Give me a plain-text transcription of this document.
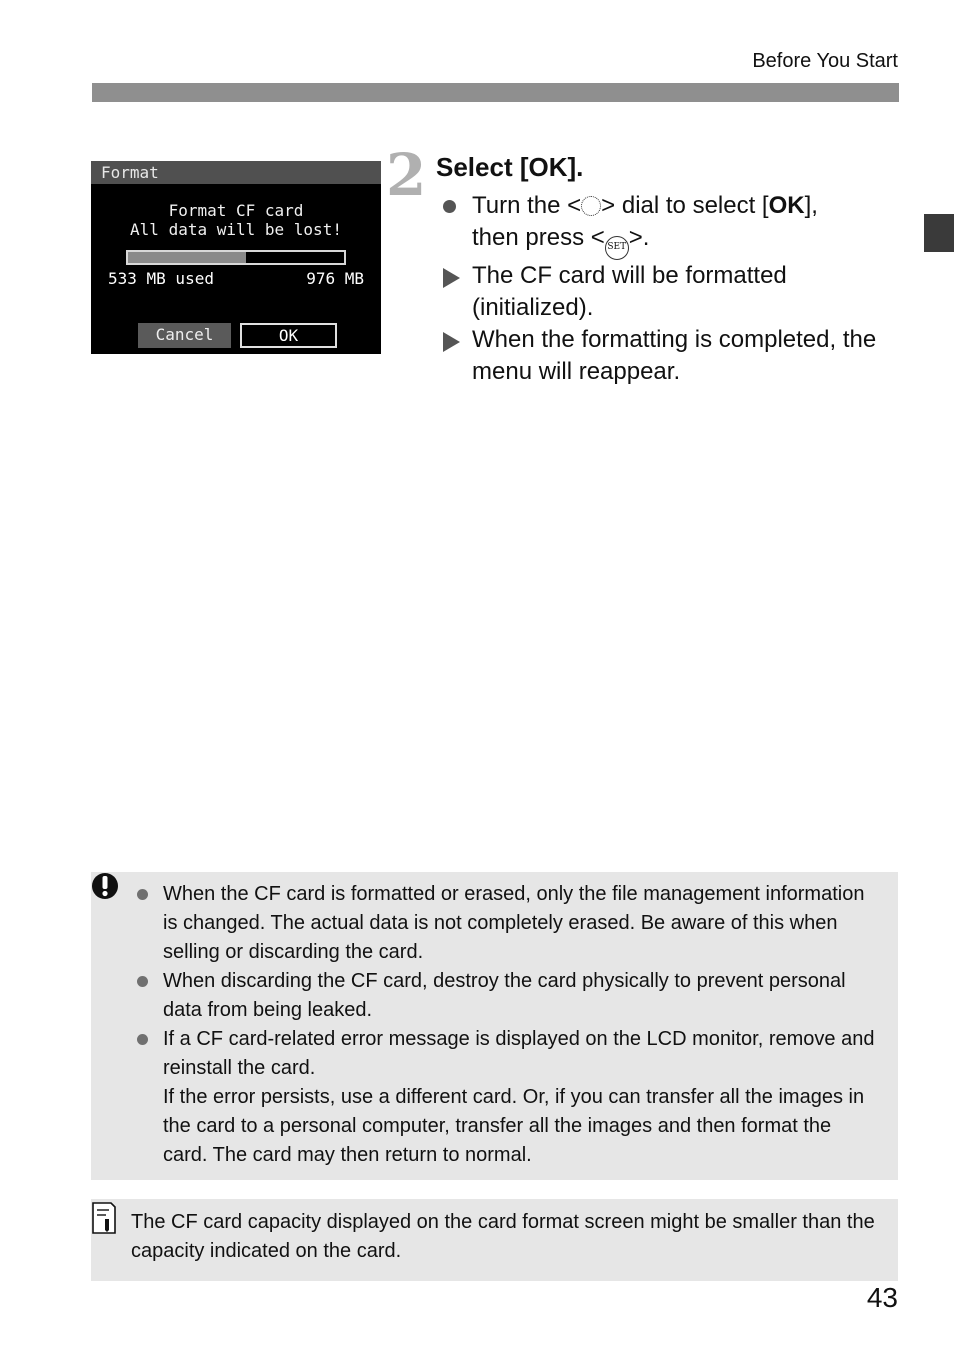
Before You Start
Format
Format CF card
All data will be lost!
533 MB used	976 MB
Cancel	OK
2 Select [OK].
Turn the < > dial to select [OK],
then press < SET >.
The CF card will be formatted (initialized).
When the formatting is completed, the menu will reappear.
When the CF card is formatted or erased, only the file management information is changed. The actual data is not completely erased. Be aware of this when selling or discarding the card.
When discarding the CF card, destroy the card physically to prevent personal data from being leaked.
If a CF card-related error message is displayed on the LCD monitor, remove and reinstall the card.
If the error persists, use a different card. Or, if you can transfer all the images in the card to a personal computer, transfer all the images and then format the card. The card may then return to normal.
The CF card capacity displayed on the card format screen might be smaller than the capacity indicated on the card.
43
